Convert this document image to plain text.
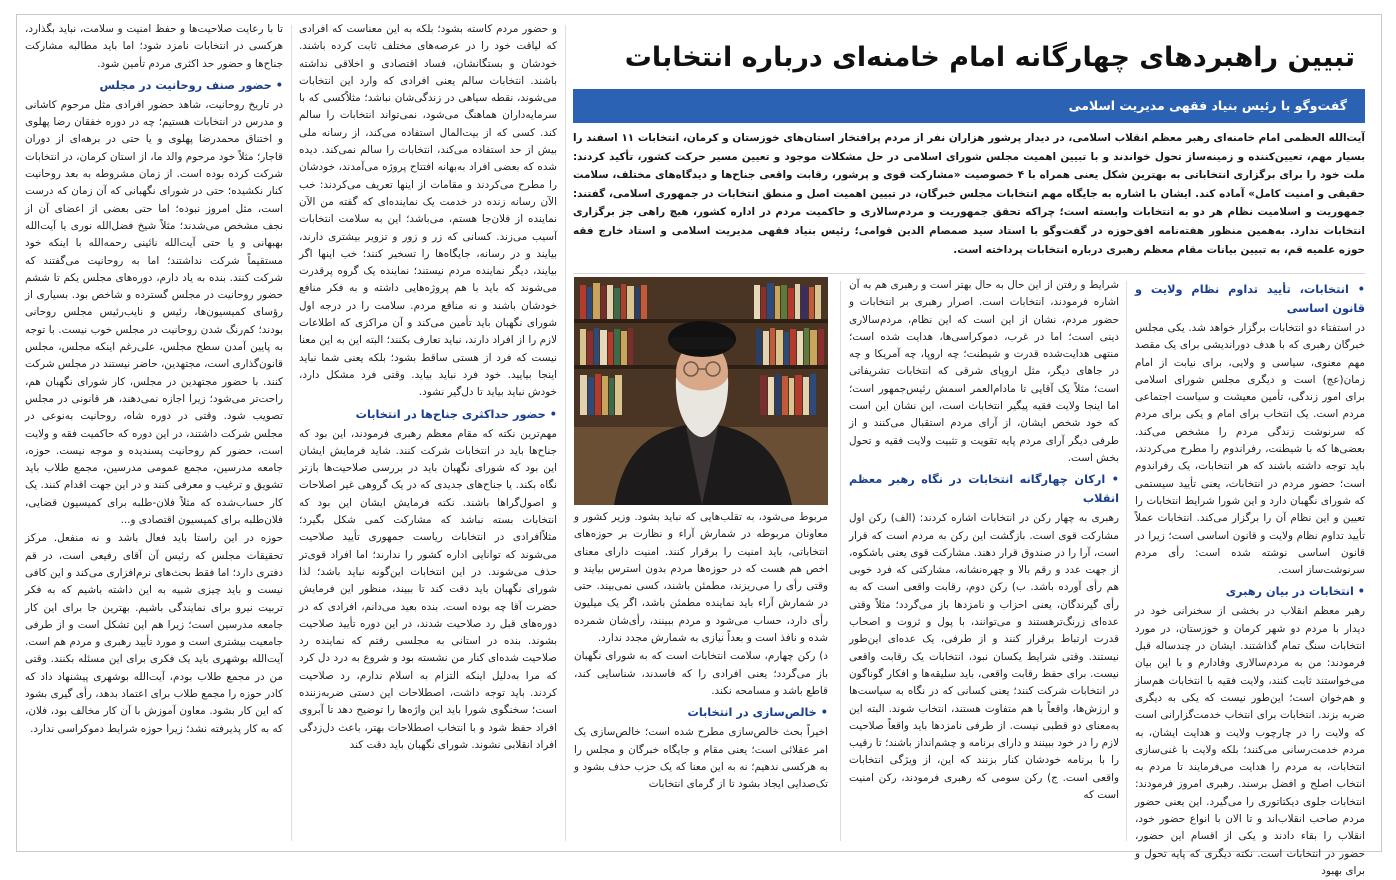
تبیین راهبردهای چهارگانه امام خامنه‌ای درباره انتخابات
گفت‌وگو با رئیس بنیاد فقهی مدیریت اسلامی
آیت‌الله العظمی امام خامنه‌ای رهبر معظم انقلاب اسلامی، در دیدار پرشور هزاران نفر از مردم پرافتخار استان‌های خوزستان و کرمان، انتخابات ۱۱ اسفند را بسیار مهم، تعیین‌کننده و زمینه‌ساز تحول خواندند و با تبیین اهمیت مجلس شورای اسلامی در حل مشکلات موجود و تعیین مسیر حرکت کشور، تأکید کردند: ملت خود را برای برگزاری انتخاباتی به بهترین شکل یعنی همراه با ۴ خصوصیت «مشارکت قوی و پرشور، رقابت واقعی جناح‌ها و دیدگاه‌های مختلف، سلامت حقیقی و امنیت کامل» آماده کند. ایشان با اشاره به جایگاه مهم انتخابات مجلس خبرگان، در تبیین اهمیت اصل و منطق انتخابات در جمهوری اسلامی، گفتند: جمهوریت و اسلامیت نظام هر دو به انتخابات وابسته است؛ چراکه تحقق جمهوریت و مردم‌سالاری و حاکمیت مردم در اداره کشور، هیچ راهی جز برگزاری انتخابات ندارد. به‌همین منظور هفته‌نامه افق‌حوزه در گفت‌وگو با استاد سید صمصام الدین قوامی؛ رئیس بنیاد فقهی مدیریت اسلامی و استاد خارج فقه حوزه علمیه قم، به تبیین بیانات مقام معظم رهبری درباره انتخابات پرداخته است.
• انتخابات، تأیید تداوم نظام ولایت و قانون اساسی

در استفتاء دو انتخابات برگزار خواهد شد. یکی مجلس خبرگان رهبری که با هدف دوراندیشی برای یک مقصد مهم معنوی، سیاسی و ولایی، برای نیابت از امام زمان(عج) است و دیگری مجلس شورای اسلامی برای امور زندگی، تأمین معیشت و سیاست اجتماعی مردم است. یک انتخاب برای امام و یکی برای مردم که سرنوشت زندگی مردم را مشخص می‌کند. بعضی‌ها که با شیطنت، رفراندوم را مطرح می‌کردند، باید توجه داشته باشند که هر انتخابات، یک رفراندوم است؛ حضور مردم در انتخابات، یعنی تأیید سیستمی که شورای نگهبان دارد و این شورا شرایط انتخابات را تعیین و این نظام آن را برگزار می‌کند. انتخابات عملاً تأیید تداوم نظام ولایت و قانون اساسی است؛ زیرا در قانون اساسی نوشته شده است: رأی مردم سرنوشت‌ساز است.

• انتخابات در بیان رهبری

رهبر معظم انقلاب در بخشی از سخنرانی خود در دیدار با مردم دو شهر کرمان و خوزستان، در مورد انتخابات سنگ تمام گذاشتند. ایشان در چندساله قبل فرمودند: من به مردم‌سالاری وفادارم و با این بیان می‌خواستند ثابت کنند، ولایت فقیه با انتخابات هم‌ساز و هم‌خوان است؛ این‌طور نیست که یکی به دیگری ضربه بزند. انتخابات برای انتخاب خدمت‌گزارانی است که ولایت را در چارچوب ولایت و هدایت ایشان، به مردم خدمت‌رسانی می‌کنند؛ بلکه ولایت با غنی‌سازی انتخابات، به مردم را هدایت می‌فرمایند تا مردم به انتخاب اصلح و افضل برسند. رهبری امروز فرمودند: انتخابات جلوی دیکتاتوری را می‌گیرد. این یعنی حضور مردم صاحب انقلاب‌اند و تا الان با انواع حضور خود، انقلاب را بقاء دادند و یکی از اقسام این حضور، حضور در انتخابات است. نکته دیگری که پایه تحول و برای بهبود

شرایط و رفتن از این حال به حال بهتر است و رهبری هم به آن اشاره فرمودند، انتخابات است. اصرار رهبری بر انتخابات و حضور مردم، نشان از این است که این نظام، مردم‌سالاری دینی است؛ اما در غرب، دموکراسی‌ها، هدایت شده است؛ منتهی هدایت‌شده قدرت و شیطنت؛ چه اروپا، چه آمریکا و چه در جاهای دیگر، مثل اروپای شرقی که انتخابات تشریفاتی است؛ مثلاً یک آقایی تا مادام‌العمر اسمش رئیس‌جمهور است؛ اما اینجا ولایت فقیه پیگیر انتخابات است، این نشان این است که خود شخص ایشان، از آرای مردم استقبال می‌کنند و از طرفی دیگر آرای مردم پایه تقویت و تثبیت ولایت فقیه و تحول بخش است.

• ارکان چهارگانه انتخابات در نگاه رهبر معظم انقلاب

رهبری به چهار رکن در انتخابات اشاره کردند: (الف) رکن اول مشارکت قوی است. بازگشت این رکن به مردم است که قرار است، آرا را در صندوق قرار دهند. مشارکت قوی یعنی باشکوه، از جهت عدد و رقم بالا و چهره‌نشانه، مشارکتی که فرد خوبی هم رأی آورده باشد. ب) رکن دوم، رقابت واقعی است که به رأی گیرندگان، یعنی احزاب و نامزدها باز می‌گردد؛ مثلاً وقتی عده‌ای زرنگ‌ترهستند و می‌توانند، با پول و ثروت و اصحاب قدرت ارتباط برقرار کنند و از طرفی، یک عده‌ای این‌طور نیستند. وقتی شرایط یکسان نبود، انتخابات یک رقابت واقعی نیست. برای حفظ رقابت واقعی، باید سلیقه‌ها و افکار گوناگون در انتخابات شرکت کنند؛ یعنی کسانی که در نگاه به سیاست‌ها و ارزش‌ها، واقعاً با هم متفاوت هستند، انتخاب شوند. البته این به‌معنای دو قطبی نیست. از طرفی نامزدها باید واقعاً صلاحیت لازم را در خود ببینند و دارای برنامه و چشم‌انداز باشند؛ تا رقیب را با برنامه خودشان کنار بزنند که این، از ویژگی انتخابات واقعی است. ج) رکن سومی که رهبری فرمودند، رکن امنیت است که

مربوط می‌شود، به تقلب‌هایی که نباید بشود. وزیر کشور و معاونان مربوطه در شمارش آراء و نظارت بر حوزه‌های انتخاباتی، باید امنیت را برقرار کنند. امنیت دارای معنای اخص هم هست که در حوزه‌ها مردم بدون استرس بیایند و وقتی رأی را می‌ریزند، مطمئن باشند، کسی نمی‌بیند. حتی در شمارش آراء باید نماینده مطمئن باشد، اگر یک میلیون رأی دارد، حساب می‌شود و مردم ببینند، رأی‌شان شمرده شده و نافذ است و بعداً نیازی به شمارش مجدد ندارد.

د) رکن چهارم، سلامت انتخابات است که به شورای نگهبان باز می‌گردد؛ یعنی افرادی را که فاسدند، شناسایی کند، قاطع باشد و مسامحه نکند.

• خالص‌سازی در انتخابات

اخیراً بحث خالص‌سازی مطرح شده است؛ خالص‌سازی یک امر عقلائی است؛ یعنی مقام و جایگاه خبرگان و مجلس را به هرکسی ندهیم؛ نه به این معنا که یک حزب حذف بشود و تک‌صدایی ایجاد بشود تا از گرمای انتخابات

و حضور مردم کاسته بشود؛ بلکه به این معناست که افرادی که لیاقت خود را در عرصه‌های مختلف ثابت کرده باشند. خودشان و بستگانشان، فساد اقتصادی و اخلاقی نداشته باشند. انتخابات سالم یعنی افرادی که وارد این انتخابات می‌شوند، نقطه سیاهی در زندگی‌شان نباشد؛ مثلاًکسی که با سرمایه‌داران هماهنگ می‌شود، نمی‌تواند انتخابات را سالم کند. کسی که از بیت‌المال استفاده می‌کند، از رسانه ملی بیش از حد استفاده می‌کند، انتخابات را سالم نمی‌کند. دیده شده که بعضی افراد به‌بهانه افتتاح پروژه می‌آمدند، خودشان را مطرح می‌کردند و مقامات از اینها تعریف می‌کردند: خب الآن رسانه زنده در خدمت یک نماینده‌ای که گفته من الآن نماینده از فلان‌جا هستم، می‌باشد؛ این به سلامت انتخابات آسیب می‌زند. کسانی که زر و زور و تزویر بیشتری دارند، بیایند و در رسانه، جایگاه‌ها را تسخیر کنند؛ خب اینها اگر بیایند، دیگر نماینده مردم نیستند؛ نماینده یک گروه پرقدرت می‌شوند که باید با هم پروژه‌هایی داشته و به فکر منافع خودشان باشند و نه منافع مردم. سلامت را در درجه اول شورای نگهبان باید تأمین می‌کند و آن مراکزی که اطلاعات لازم را از افراد دارند، نباید تعارف بکنند؛ البته این به این معنا نیست که فرد از هستی ساقط بشود؛ بلکه یعنی شما نباید اینجا بیایید. خود فرد نباید بیاید. وقتی فرد مشکل دارد، خودش نباید بیاید تا دل‌گیر نشود.

• حضور حداکثری جناح‌ها در انتخابات

مهم‌ترین نکته که مقام معظم رهبری فرمودند، این بود که جناح‌ها باید در انتخابات شرکت کنند. شاید فرمایش ایشان این بود که شورای نگهبان باید در بررسی صلاحیت‌ها بازتر نگاه بکند. یا جناح‌های جدیدی که در یک گروهی غیر اصلاحات و اصول‌گراها باشند. نکته فرمایش ایشان این بود که انتخابات بسته نباشد که مشارکت کمی شکل بگیرد؛ مثلاًافرادی در انتخابات ریاست جمهوری تأیید صلاحیت می‌شوند که توانایی اداره کشور را ندارند؛ اما افراد قوی‌تر حذف می‌شوند. در این انتخابات این‌گونه نباید باشد؛ لذا شورای نگهبان باید دقت کند تا ببیند، منظور این فرمایش حضرت آقا چه بوده است. بنده بعید می‌دانم، افرادی که در دوره‌های قبل رد صلاحیت شدند، در این دوره تأیید صلاحیت بشوند. بنده در استانی به مجلسی رفتم که نماینده رد صلاحیت شده‌ای کنار من نشسته بود و شروع به درد دل کرد که مرا به‌دلیل اینکه التزام به اسلام ندارم، رد صلاحیت کردند. باید توجه داشت، اصطلاحات این دستی ضربه‌زننده است؛ سخنگوی شورا باید این واژه‌ها را توضیح دهد تا آبروی افراد حفظ شود و با انتخاب اصطلاحات بهتر، باعث دل‌زدگی افراد انقلابی نشوند. شورای نگهبان باید دقت کند

تا با رعایت صلاحیت‌ها و حفظ امنیت و سلامت، نباید بگذارد، هرکسی در انتخابات نامزد شود؛ اما باید مطالبه مشارکت جناح‌ها و حضور حد اکثری مردم تأمین شود.

• حضور صنف روحانیت در مجلس

در تاریخ روحانیت، شاهد حضور افرادی مثل مرحوم کاشانی و مدرس در انتخابات هستیم؛ چه در دوره خفقان رضا پهلوی و اختناق محمدرضا پهلوی و یا حتی در برهه‌ای از دوران قاجار؛ مثلاً خود مرحوم والد ما، از استان کرمان، در انتخابات شرکت کرده بوده است. از زمان مشروطه به بعد روحانیت کنار نکشیده؛ حتی در شورای نگهبانی که آن زمان که درست است، مثل امروز نبوده؛ اما حتی بعضی از اعضای آن از نجف مشخص می‌شدند؛ مثلاً شیخ فضل‌الله نوری یا آیت‌الله بهبهانی و یا حتی آیت‌الله نائینی رحمه‌الله با اینکه خود مستقیماً شرکت نداشتند؛ اما به روحانیت می‌گفتند که شرکت کنند. بنده به یاد دارم، دوره‌های مجلس یکم تا ششم حضور روحانیت در مجلس گسترده و شاخص بود. بسیاری از رؤسای کمیسیون‌ها، رئیس و نایب‌رئیس مجلس روحانی بودند؛ کم‌رنگ شدن روحانیت در مجلس خوب نیست. با توجه به پایین آمدن سطح مجلس، علی‌رغم اینکه مجلس، مجلس قانون‌گذاری است، مجتهدین، حاضر نیستند در مجلس شرکت کنند. با حضور مجتهدین در مجلس، کار شورای نگهبان هم، راحت‌تر می‌شود؛ زیرا اجازه نمی‌دهند، هر قانونی در مجلس تصویب شود. وقتی در دوره شاه، روحانیت به‌نوعی در مجلس شرکت داشتند، در این دوره که حاکمیت فقه و ولایت است، حضور کم روحانیت پسندیده و موجه نیست. حوزه، جامعه مدرسین، مجمع عمومی مدرسین، مجمع طلاب باید تشویق و ترغیب و معرفی کنند و در این جهت اقدام کنند. یک کار حساب‌شده که مثلاً فلان-طلبه برای کمیسیون قضایی، فلان‌طلبه برای کمیسیون اقتصادی و...

حوزه در این راستا باید فعال باشد و نه منفعل. مرکز تحقیقات مجلس که رئیس آن آقای رفیعی است، در قم دفتری دارد؛ اما فقط بحث‌های نرم‌افزاری می‌کند و این کافی نیست و باید چیزی شبیه به این داشته باشیم که به فکر تربیت نیرو برای نمایندگی باشیم. بهترین جا برای این کار جامعه مدرسین است؛ زیرا هم این تشکل است و از طرفی جامعیت بیشتری است و مورد تأیید رهبری و مردم هم است. آیت‌الله بوشهری باید یک فکری برای این مسئله بکنند. وقتی من در مجمع طلاب بودم، آیت‌الله بوشهری پیشنهاد داد که کادر حوزه را مجمع طلاب برای اعتماد بدهد، رأی گیری بشود که این کار بشود. معاون آموزش با آن کار مخالف بود، فلان، که به کار پذیرفته نشد؛ زیرا حوزه شرایط دموکراسی ندارد.
